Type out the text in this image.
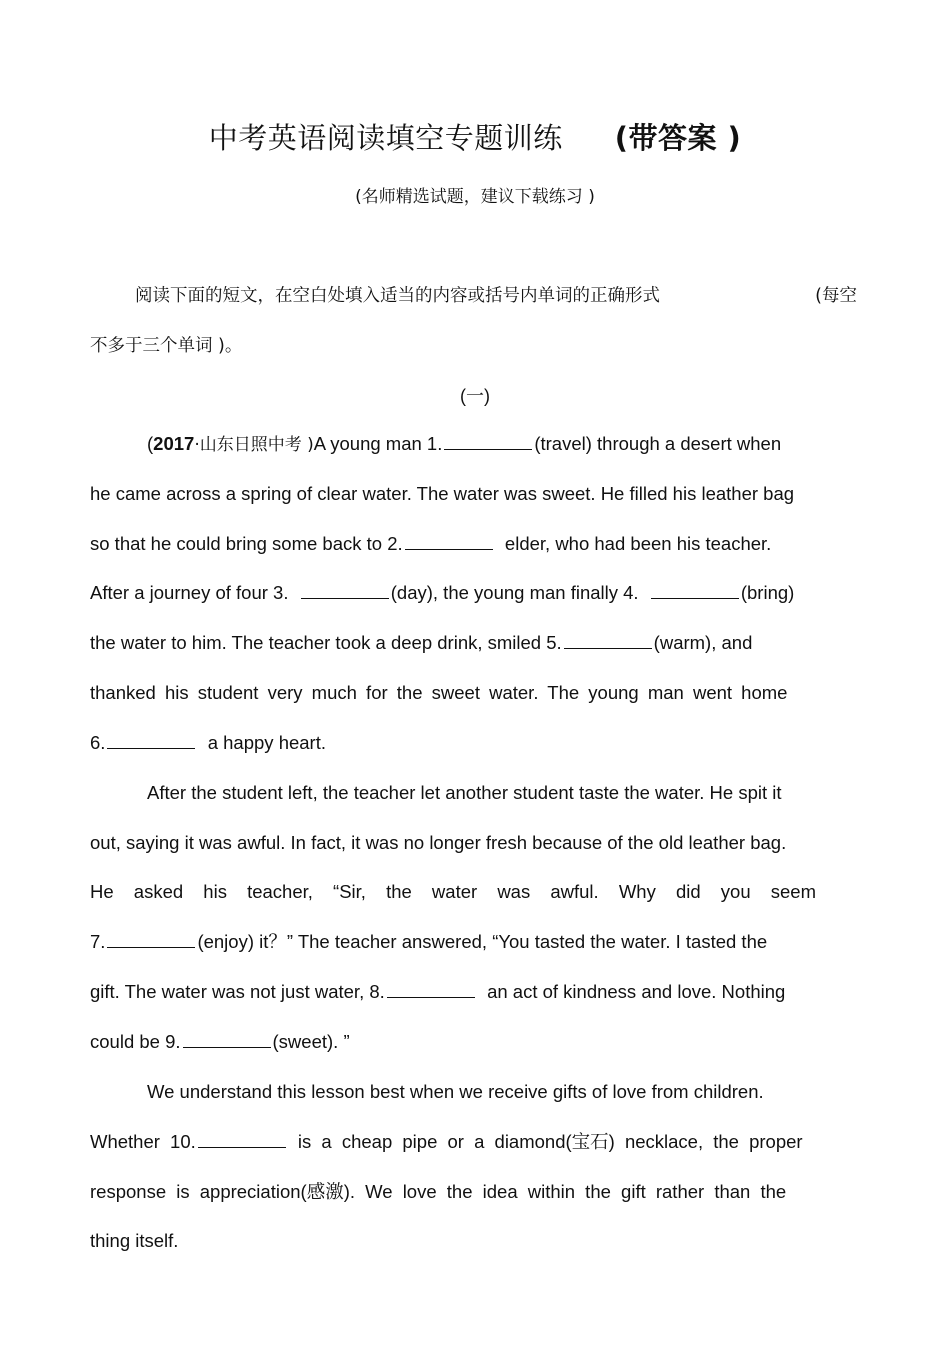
中考英语阅读填空专题训练 (带答案 )
(名师精选试题，建议下载练习 )
阅读下面的短文，在空白处填入适当的内容或括号内单词的正确形式	(每空
不多于三个单词 )。
(一)
(2017·山东日照中考 )A young man 1.	(travel) through a desert when
he came across a spring of clear water. The water was sweet. He filled his leather bag
so that he could bring some back to 2.	elder, who had been his teacher.
After a journey of four 3.	(day), the young man finally 4.	(bring)
the water to him. The teacher took a deep drink, smiled 5.	(warm), and
thanked his student very much for the sweet water. The young man went home
6.	a happy heart.
After the student left, the teacher let another student taste the water. He spit it
out, saying it was awful. In fact, it was no longer fresh because of the old leather bag.
He asked his teacher, “Sir, the water was awful. Why did you seem
7.	(enjoy) it？” The teacher answered, “You tasted the water. I tasted the
gift. The water was not just water, 8.	an act of kindness and love. Nothing
could be 9.	(sweet). ”
We understand this lesson best when we receive gifts of love from children.
Whether 10.	is a cheap pipe or a diamond(宝石) necklace, the proper
response is appreciation(感激). We love the idea within the gift rather than the
thing itself.
